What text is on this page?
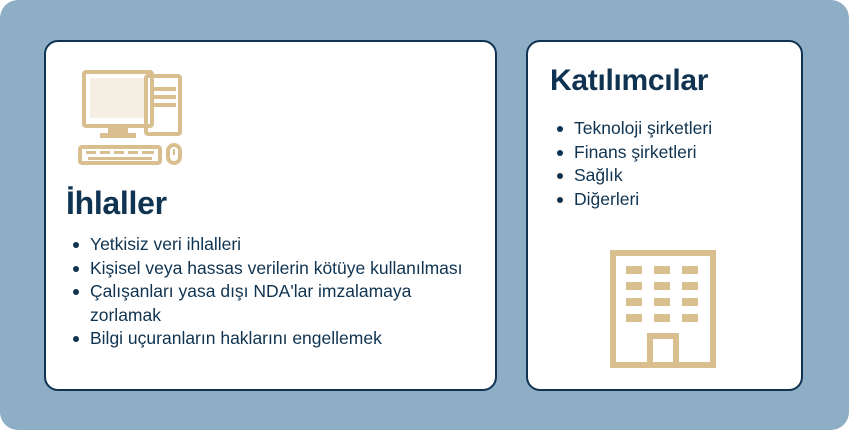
İhlaller
Yetkisiz veri ihlalleri
Kişisel veya hassas verilerin kötüye kullanılması
Çalışanları yasa dışı NDA'lar imzalamaya zorlamak
Bilgi uçuranların haklarını engellemek
Katılımcılar
Teknoloji şirketleri
Finans şirketleri
Sağlık
Diğerleri
